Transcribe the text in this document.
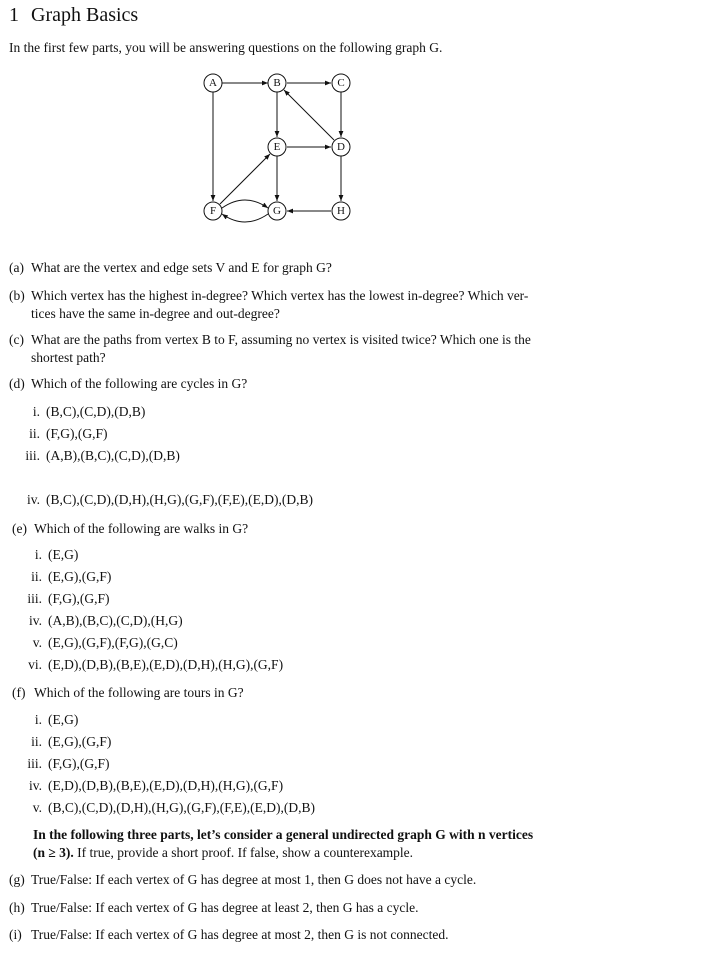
1 Graph Basics
In the first few parts, you will be answering questions on the following graph G.
A	B	C
D
E
F	G	H
(a) What are the vertex and edge sets V and E for graph G?
(b) Which vertex has the highest in-degree? Which vertex has the lowest in-degree? Which ver-
tices have the same in-degree and out-degree?
(c) What are the paths from vertex B to F, assuming no vertex is visited twice? Which one is the
shortest path?
(d) Which of the following are cycles in G?
i. (B,C),(C,D),(D,B)
ii. (F,G),(G,F)
iii. (A,B),(B,C),(C,D),(D,B)
iv. (B,C),(C,D),(D,H),(H,G),(G,F),(F,E),(E,D),(D,B)
(e) Which of the following are walks in G?
i. (E,G)
ii. (E,G),(G,F)
iii. (F,G),(G,F)
iv. (A,B),(B,C),(C,D),(H,G)
v. (E,G),(G,F),(F,G),(G,C)
vi. (E,D),(D,B),(B,E),(E,D),(D,H),(H,G),(G,F)
(f) Which of the following are tours in G?
i. (E,G)
ii. (E,G),(G,F)
iii. (F,G),(G,F)
iv. (E,D),(D,B),(B,E),(E,D),(D,H),(H,G),(G,F)
v. (B,C),(C,D),(D,H),(H,G),(G,F),(F,E),(E,D),(D,B)
In the following three parts, let’s consider a general undirected graph G with n vertices
(n ≥ 3). If true, provide a short proof. If false, show a counterexample.
(g) True/False: If each vertex of G has degree at most 1, then G does not have a cycle.
(h) True/False: If each vertex of G has degree at least 2, then G has a cycle.
(i) True/False: If each vertex of G has degree at most 2, then G is not connected.
